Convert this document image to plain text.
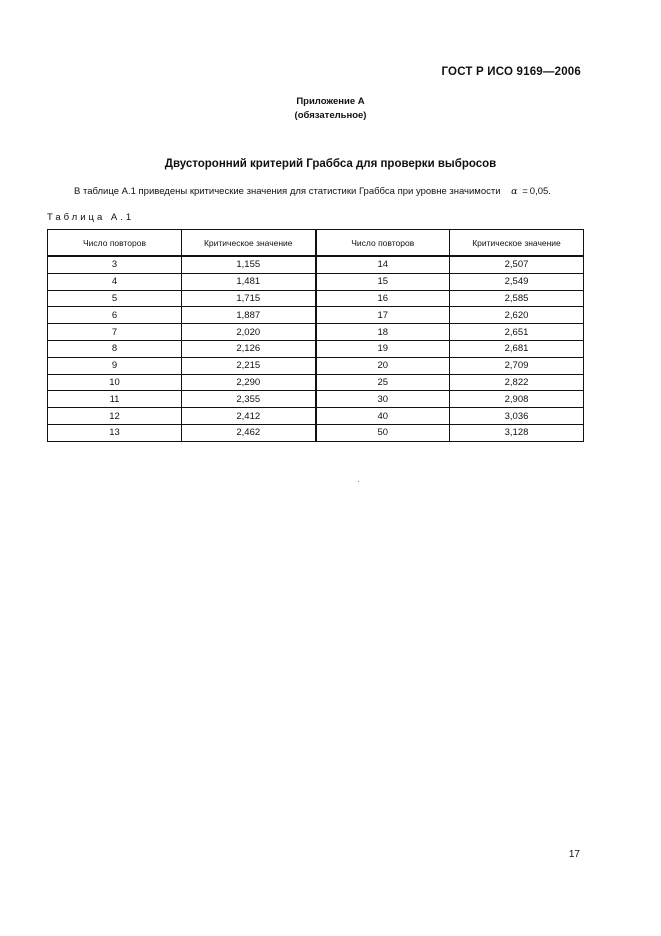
ГОСТ Р ИСО 9169—2006
Приложение А
(обязательное)
Двусторонний критерий Граббса для проверки выбросов
В таблице А.1 приведены критические значения для статистики Граббса при уровне значимости α = 0,05.
Таблица А.1
Число повторов	Критическое значение	Число повторов	Критическое значение
3	1,155	14	2,507
4	1,481	15	2,549
5	1,715	16	2,585
6	1,887	17	2,620
7	2,020	18	2,651
8	2,126	19	2,681
9	2,215	20	2,709
10	2,290	25	2,822
11	2,355	30	2,908
12	2,412	40	3,036
13	2,462	50	3,128
17
